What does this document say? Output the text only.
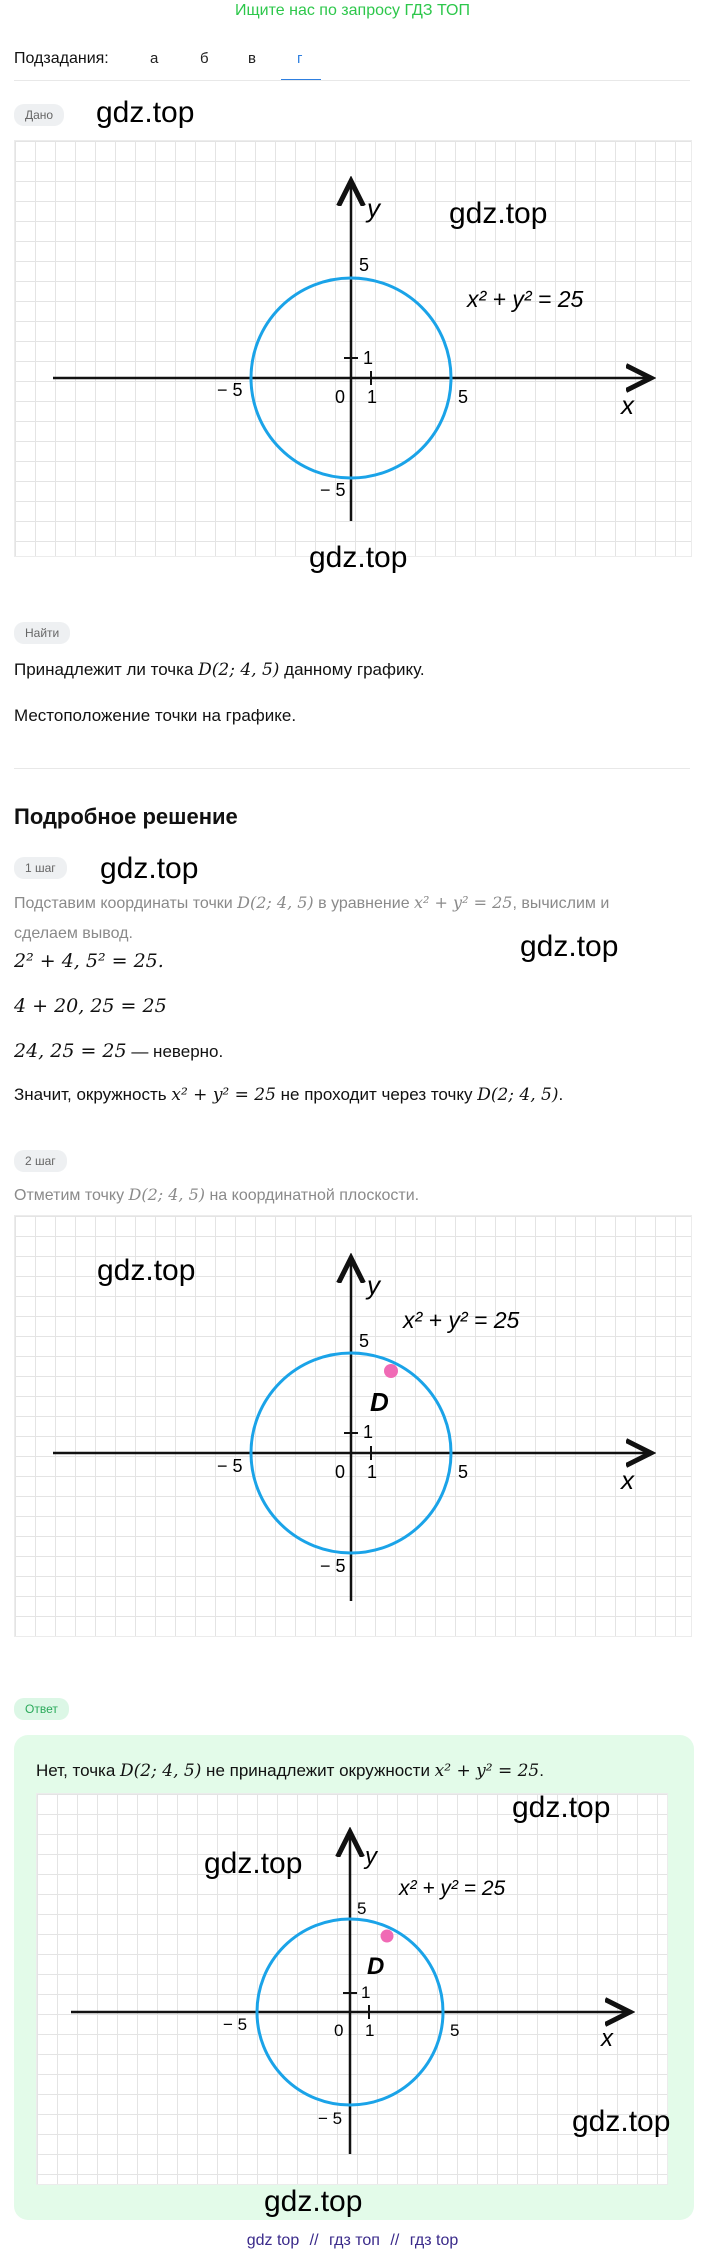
Ищите нас по запросу ГДЗ ТОП
Подзадания:	а	б	в	г
Дано	gdz.top
x² + y² = 25
y
x
5
1
0 1
− 5	5
− 5
gdz.top
gdz.top
Найти
Принадлежит ли точка D(2; 4, 5) данному графику.
Местоположение точки на графике.
Подробное решение
1 шаг	gdz.top
gdz.top
Подставим координаты точки D(2; 4, 5) в уравнение x² + y² = 25, вычислим и
сделаем вывод.
2² + 4, 5² = 25.
4 + 20, 25 = 25
24, 25 = 25 — неверно.
Значит, окружность x² + y² = 25 не проходит через точку D(2; 4, 5).
2 шаг
Отметим точку D(2; 4, 5) на координатной плоскости.
D
x² + y² = 25
y
x
5
1
0 1
− 5	5
− 5
gdz.top
Ответ
Нет, точка D(2; 4, 5) не принадлежит окружности x² + y² = 25.
D
x² + y² = 25
y
x
5
1
0 1
− 5	5
− 5
gdz.top
gdz.top
gdz.top
gdz.top
gdz top // гдз топ // гдз top
